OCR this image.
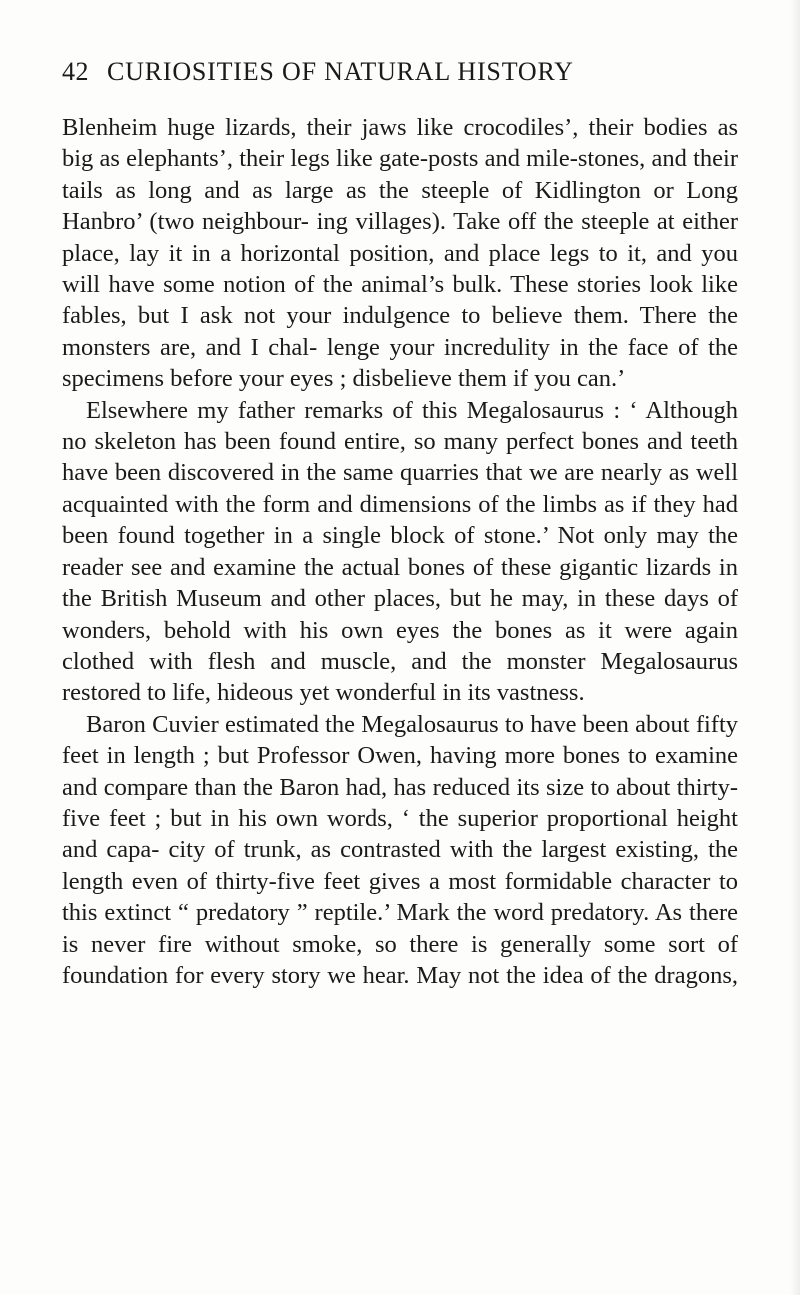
42 CURIOSITIES OF NATURAL HISTORY

Blenheim huge lizards, their jaws like crocodiles’, their bodies as big as elephants’, their legs like gate-posts and mile-stones, and their tails as long and as large as the steeple of Kidlington or Long Hanbro’ (two neighbour- ing villages). Take off the steeple at either place, lay it in a horizontal position, and place legs to it, and you will have some notion of the animal’s bulk. These stories look like fables, but I ask not your indulgence to believe them. There the monsters are, and I chal- lenge your incredulity in the face of the specimens before your eyes ; disbelieve them if you can.’

Elsewhere my father remarks of this Megalosaurus : ‘ Although no skeleton has been found entire, so many perfect bones and teeth have been discovered in the same quarries that we are nearly as well acquainted with the form and dimensions of the limbs as if they had been found together in a single block of stone.’ Not only may the reader see and examine the actual bones of these gigantic lizards in the British Museum and other places, but he may, in these days of wonders, behold with his own eyes the bones as it were again clothed with flesh and muscle, and the monster Megalosaurus restored to life, hideous yet wonderful in its vastness.

Baron Cuvier estimated the Megalosaurus to have been about fifty feet in length ; but Professor Owen, having more bones to examine and compare than the Baron had, has reduced its size to about thirty-five feet ; but in his own words, ‘ the superior proportional height and capa- city of trunk, as contrasted with the largest existing, the length even of thirty-five feet gives a most formidable character to this extinct “ predatory ” reptile.’ Mark the word predatory. As there is never fire without smoke, so there is generally some sort of foundation for every story we hear. May not the idea of the dragons,
